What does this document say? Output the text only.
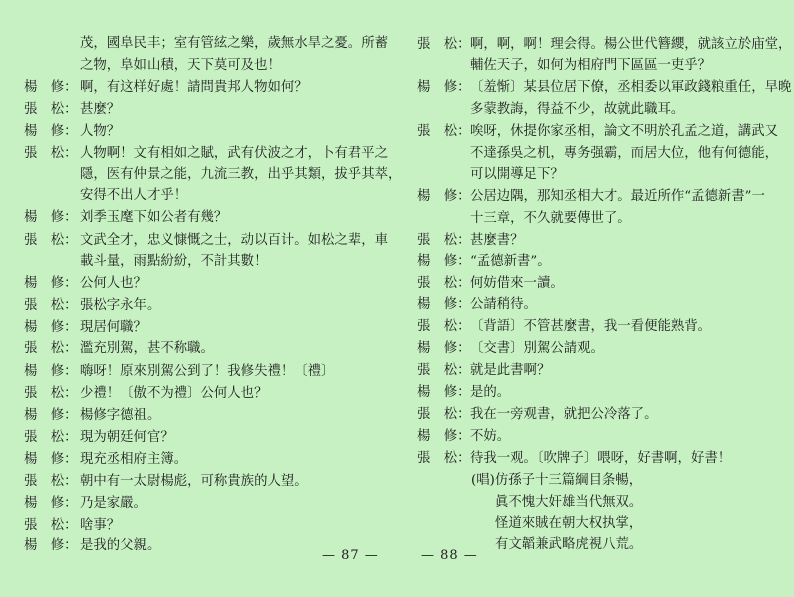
茂，國阜民丰；室有管絃之樂，歲無水旱之憂。所蓄
之物，阜如山積，天下莫可及也！
楊　修： 啊，有这样好處！請問貴邦人物如何？
張　松： 甚麼？
楊　修： 人物？
張　松： 人物啊！文有相如之賦，武有伏波之才，卜有君平之
隱，医有仲景之能，九流三教，出乎其類，拔乎其萃，
安得不出人才乎！
楊　修： 刘季玉麾下如公者有幾？
張　松： 文武全才，忠义慷慨之士，动以百计。如松之辈，車
載斗量，雨點紛紛，不計其數！
楊　修： 公何人也？
張　松： 張松字永年。
楊　修： 現居何職？
張　松： 濫充別駕，甚不称職。
楊　修： 嗨呀！原來別駕公到了！我修失禮！〔禮〕
張　松： 少禮！〔傲不为禮〕公何人也？
楊　修： 楊修字德祖。
張　松： 現为朝廷何官？
楊　修： 現充丞相府主簿。
張　松： 朝中有一太尉楊彪，可称貴族的人望。
楊　修： 乃是家嚴。
張　松： 啥事？
楊　修： 是我的父親。
— 87 —
張　松： 啊，啊，啊！理会得。楊公世代簪纓，就該立於庙堂，
輔佐天子，如何为相府門下區區一吏乎？
楊　修： 〔羞惭〕某县位居下僚，丞相委以軍政錢粮重任，早晚
多蒙教誨，得益不少，故就此職耳。
張　松： 唉呀，休提你家丞相，論文不明於孔孟之道，講武又
不達孫吳之机，專务强霸，而居大位，他有何德能，
可以開導足下？
楊　修： 公居边隅，那知丞相大才。最近所作“孟德新書”一
十三章，不久就要傳世了。
張　松： 甚麼書？
楊　修： “孟德新書”。
張　松： 何妨借來一讀。
楊　修： 公請稍待。
張　松： 〔背語〕不管甚麼書，我一看便能熟背。
楊　修： 〔交書〕別駕公請观。
張　松： 就是此書啊？
楊　修： 是的。
張　松： 我在一旁观書，就把公冷落了。
楊　修： 不妨。
張　松： 待我一观。〔吹牌子〕喂呀，好書啊，好書！
(唱)仿孫子十三篇綱目条暢，
眞不愧大奸雄当代無双。
怪道來賊在朝大权执掌，
有文韜兼武略虎視八荒。
— 88 —
